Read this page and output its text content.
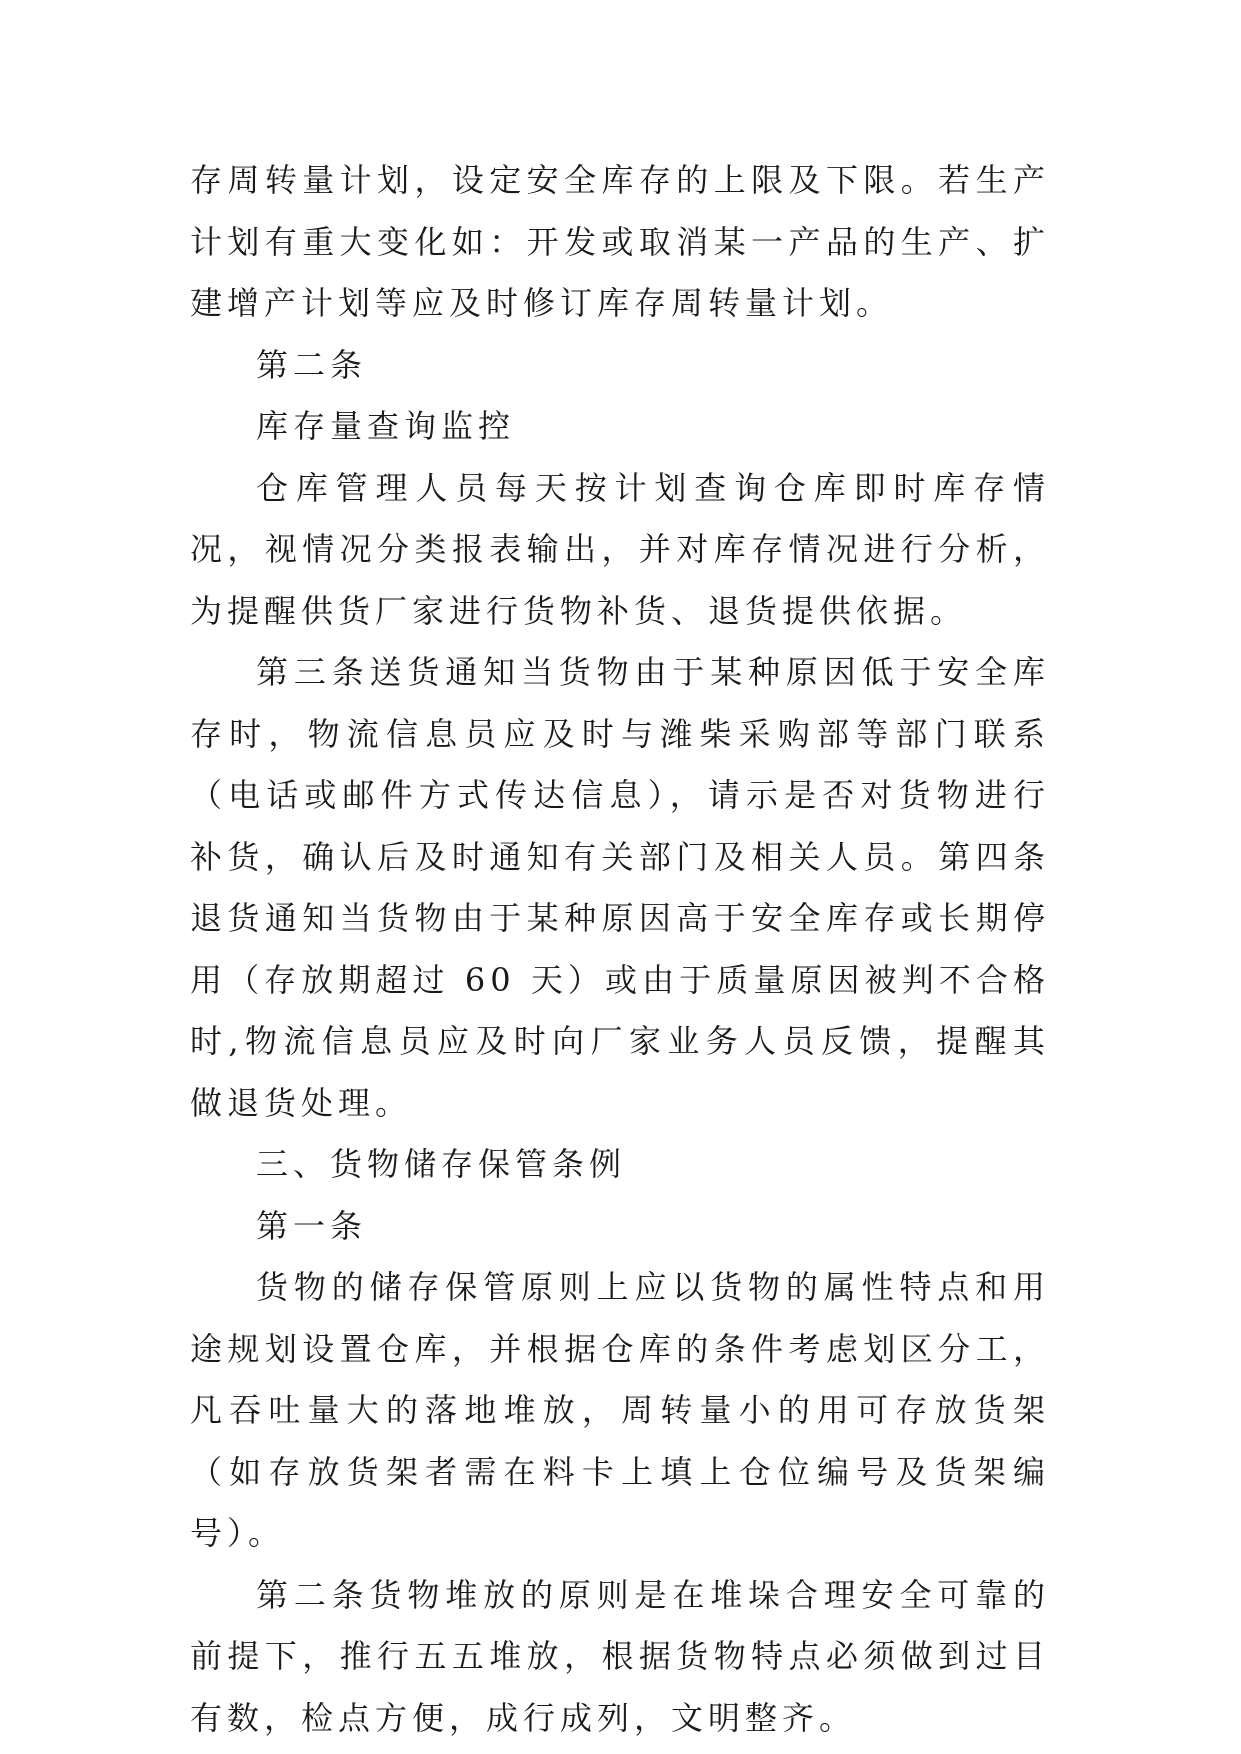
存周转量计划，设定安全库存的上限及下限。若生产计划有重大变化如：开发或取消某一产品的生产、扩建增产计划等应及时修订库存周转量计划。

第二条

库存量查询监控

仓库管理人员每天按计划查询仓库即时库存情况，视情况分类报表输出，并对库存情况进行分析，为提醒供货厂家进行货物补货、退货提供依据。

第三条送货通知当货物由于某种原因低于安全库存时，物流信息员应及时与潍柴采购部等部门联系（电话或邮件方式传达信息），请示是否对货物进行补货，确认后及时通知有关部门及相关人员。第四条退货通知当货物由于某种原因高于安全库存或长期停用（存放期超过 60 天）或由于质量原因被判不合格时,物流信息员应及时向厂家业务人员反馈，提醒其做退货处理。

三、货物储存保管条例

第一条

货物的储存保管原则上应以货物的属性特点和用途规划设置仓库，并根据仓库的条件考虑划区分工，凡吞吐量大的落地堆放，周转量小的用可存放货架（如存放货架者需在料卡上填上仓位编号及货架编号）。

第二条货物堆放的原则是在堆垛合理安全可靠的前提下，推行五五堆放，根据货物特点必须做到过目有数，检点方便，成行成列，文明整齐。
